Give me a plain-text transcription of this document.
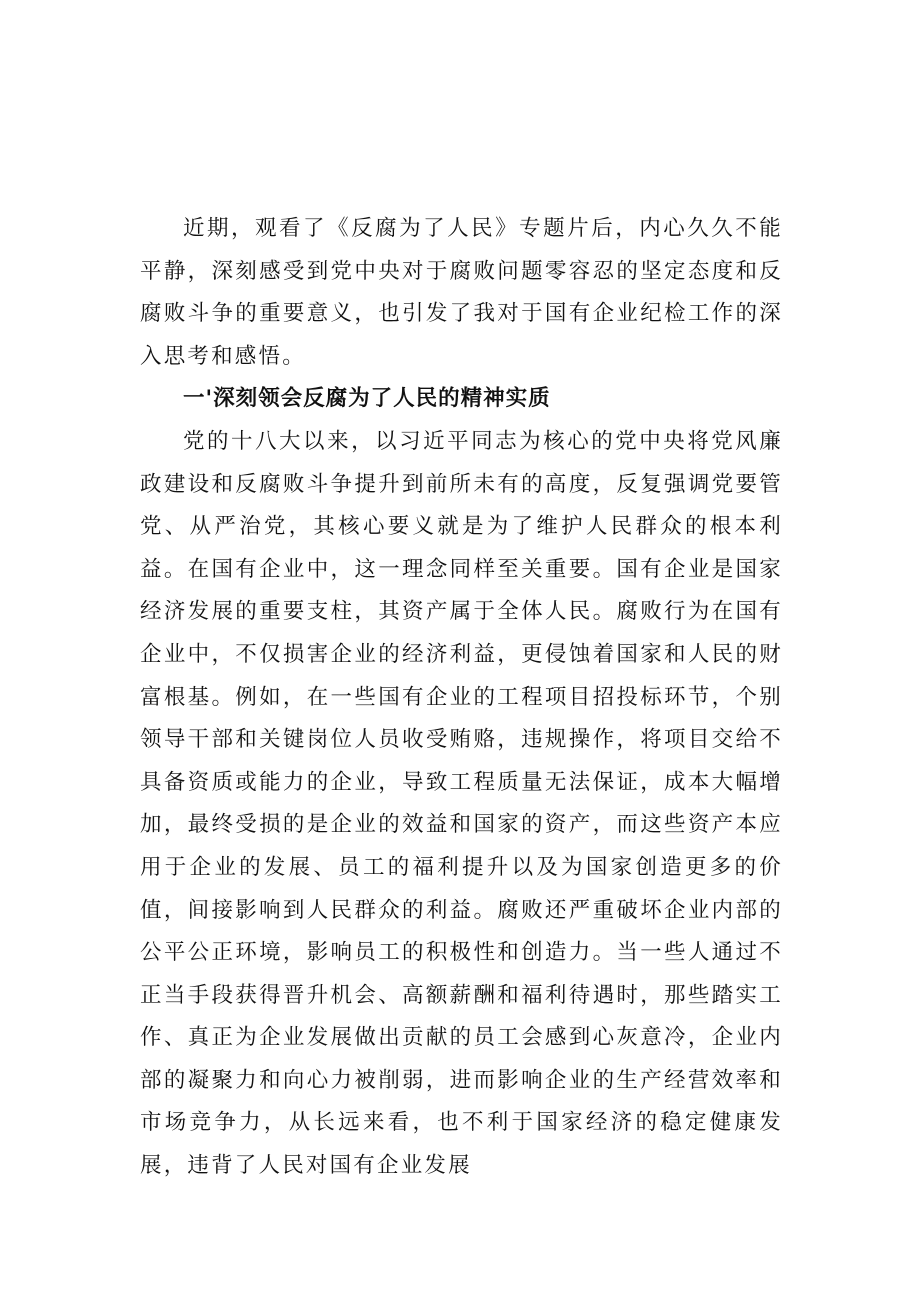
近期，观看了《反腐为了人民》专题片后，内心久久不能平静，深刻感受到党中央对于腐败问题零容忍的坚定态度和反腐败斗争的重要意义，也引发了我对于国有企业纪检工作的深入思考和感悟。

一'深刻领会反腐为了人民的精神实质

党的十八大以来，以习近平同志为核心的党中央将党风廉政建设和反腐败斗争提升到前所未有的高度，反复强调党要管党、从严治党，其核心要义就是为了维护人民群众的根本利益。在国有企业中，这一理念同样至关重要。国有企业是国家经济发展的重要支柱，其资产属于全体人民。腐败行为在国有企业中，不仅损害企业的经济利益，更侵蚀着国家和人民的财富根基。例如，在一些国有企业的工程项目招投标环节，个别领导干部和关键岗位人员收受贿赂，违规操作，将项目交给不具备资质或能力的企业，导致工程质量无法保证，成本大幅增加，最终受损的是企业的效益和国家的资产，而这些资产本应用于企业的发展、员工的福利提升以及为国家创造更多的价值，间接影响到人民群众的利益。腐败还严重破坏企业内部的公平公正环境，影响员工的积极性和创造力。当一些人通过不正当手段获得晋升机会、高额薪酬和福利待遇时，那些踏实工作、真正为企业发展做出贡献的员工会感到心灰意冷，企业内部的凝聚力和向心力被削弱，进而影响企业的生产经营效率和市场竞争力，从长远来看，也不利于国家经济的稳定健康发展，违背了人民对国有企业发展
